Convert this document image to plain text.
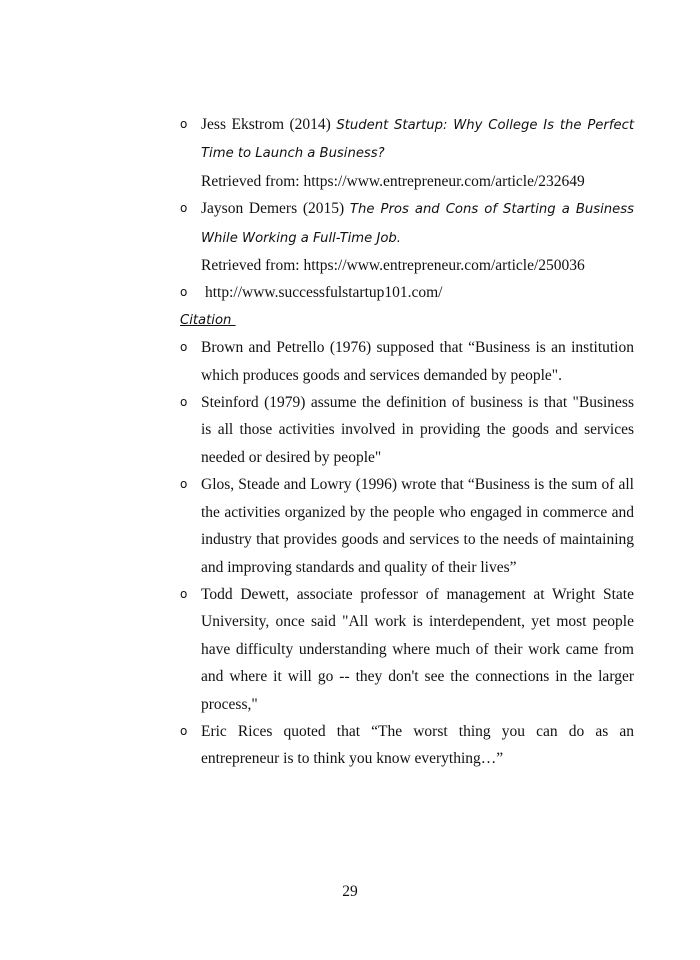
o Jess Ekstrom (2014) Student Startup: Why College Is the Perfect Time to Launch a Business?
Retrieved from: https://www.entrepreneur.com/article/232649
o Jayson Demers (2015) The Pros and Cons of Starting a Business While Working a Full-Time Job.
Retrieved from: https://www.entrepreneur.com/article/250036
o http://www.successfulstartup101.com/
Citation
o Brown and Petrello (1976) supposed that “Business is an institution which produces goods and services demanded by people".
o Steinford (1979) assume the definition of business is that "Business is all those activities involved in providing the goods and services needed or desired by people"
o Glos, Steade and Lowry (1996) wrote that “Business is the sum of all the activities organized by the people who engaged in commerce and industry that provides goods and services to the needs of maintaining and improving standards and quality of their lives”
o Todd Dewett, associate professor of management at Wright State University, once said "All work is interdependent, yet most people have difficulty understanding where much of their work came from and where it will go -- they don't see the connections in the larger process,"
o Eric Rices quoted that “The worst thing you can do as an entrepreneur is to think you know everything…”
29
